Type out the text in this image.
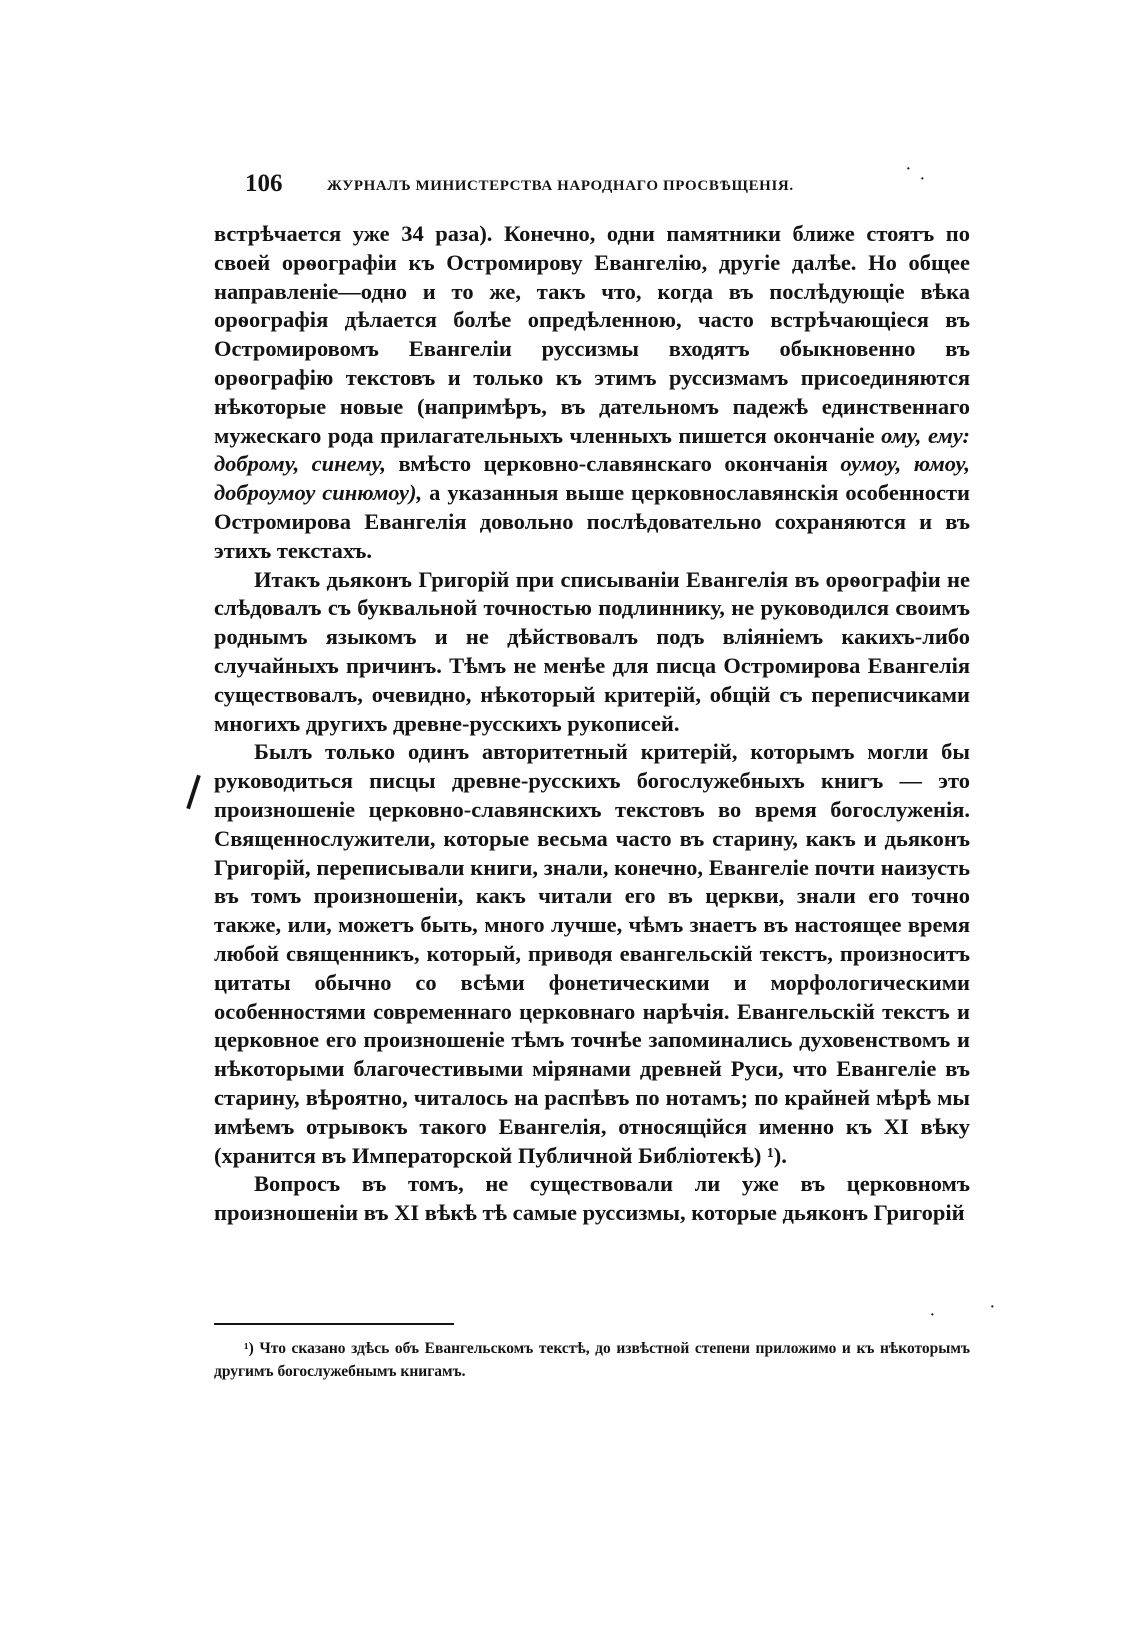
106	ЖУРНАЛЪ МИНИСТЕРСТВА НАРОДНАГО ПРОСВѢЩЕНІЯ.

встрѣчается уже 34 раза). Конечно, одни памятники ближе стоятъ по своей орѳографіи къ Остромирову Евангелію, другіе далѣе. Но общее направленіе—одно и то же, такъ что, когда въ послѣдующіе вѣка орѳографія дѣлается болѣе опредѣленною, часто встрѣчающіеся въ Остромировомъ Евангеліи руссизмы входятъ обыкновенно въ орѳографію текстовъ и только къ этимъ руссизмамъ присоединяются нѣкоторые новые (напримѣръ, въ дательномъ падежѣ единственнаго мужескаго рода прилагательныхъ членныхъ пишется окончаніе ому, ему: доброму, синему, вмѣсто церковно-славянскаго окончанія оумоу, юмоу, доброумоу синюмоу), а указанныя выше церковнославянскія особенности Остромирова Евангелія довольно послѣдовательно сохраняются и въ этихъ текстахъ.

Итакъ дьяконъ Григорій при списываніи Евангелія въ орѳографіи не слѣдовалъ съ буквальной точностью подлиннику, не руководился своимъ роднымъ языкомъ и не дѣйствовалъ подъ вліяніемъ какихъ-либо случайныхъ причинъ. Тѣмъ не менѣе для писца Остромирова Евангелія существовалъ, очевидно, нѣкоторый критерій, общій съ переписчиками многихъ другихъ древне-русскихъ рукописей.

Былъ только одинъ авторитетный критерій, которымъ могли бы руководиться писцы древне-русскихъ богослужебныхъ книгъ — это произношеніе церковно-славянскихъ текстовъ во время богослуженія. Священнослужители, которые весьма часто въ старину, какъ и дьяконъ Григорій, переписывали книги, знали, конечно, Евангеліе почти наизусть въ томъ произношеніи, какъ читали его въ церкви, знали его точно также, или, можетъ быть, много лучше, чѣмъ знаетъ въ настоящее время любой священникъ, который, приводя евангельскій текстъ, произноситъ цитаты обычно со всѣми фонетическими и морфологическими особенностями современнаго церковнаго нарѣчія. Евангельскій текстъ и церковное его произношеніе тѣмъ точнѣе запоминались духовенствомъ и нѣкоторыми благочестивыми мірянами древней Руси, что Евангеліе въ старину, вѣроятно, читалось на распѣвъ по нотамъ; по крайней мѣрѣ мы имѣемъ отрывокъ такого Евангелія, относящійся именно къ XI вѣку (хранится въ Императорской Публичной Библіотекѣ) ¹).

Вопросъ въ томъ, не существовали ли уже въ церковномъ произношеніи въ XI вѣкѣ тѣ самые руссизмы, которые дьяконъ Григорій

¹) Что сказано здѣсь объ Евангельскомъ текстѣ, до извѣстной степени приложимо и къ нѣкоторымъ другимъ богослужебнымъ книгамъ.
❘
·
·
·
·
